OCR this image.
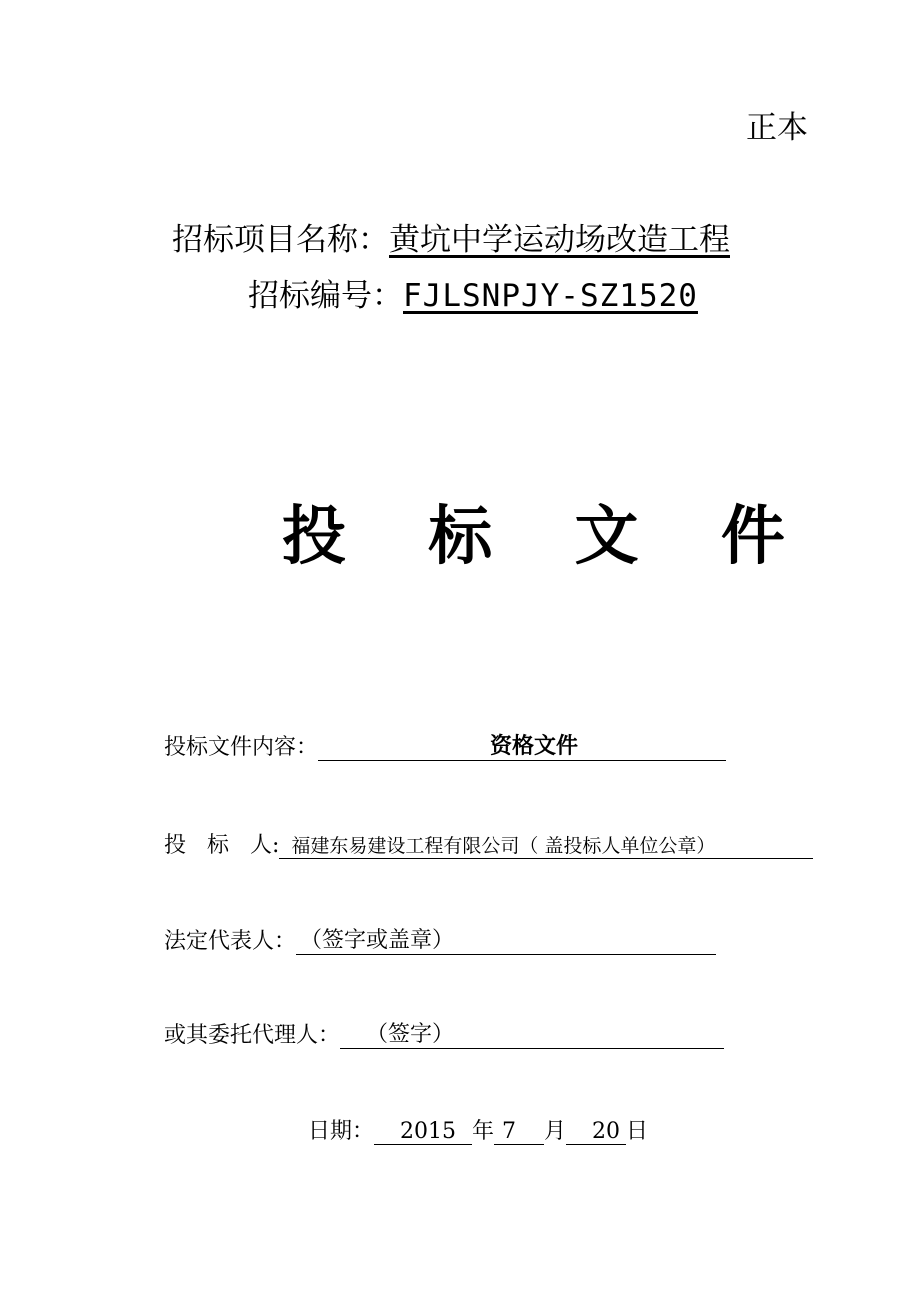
正本
招标项目名称：黄坑中学运动场改造工程
招标编号：FJLSNPJY-SZ1520
投 标 文 件
投标文件内容：	资格文件
投   标   人: 福建东易建设工程有限公司（ 盖投标人单位公章）
法定代表人： （签字或盖章）
或其委托代理人： （签字）
日期： 2015 年 7 月 20 日
